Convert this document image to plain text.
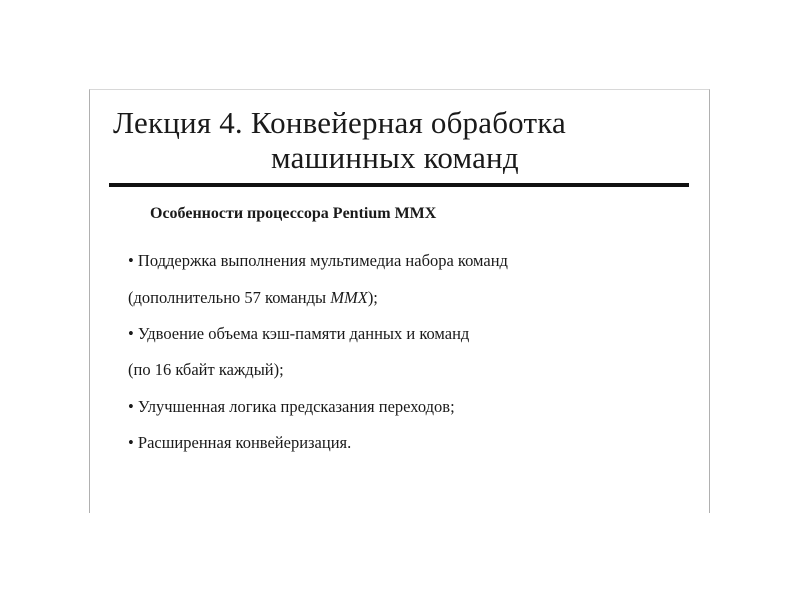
Лекция 4. Конвейерная обработка
машинных команд
Особенности процессора Pentium MMX
• Поддержка выполнения мультимедиа набора команд
(дополнительно 57 команды MMX);
• Удвоение объема кэш-памяти данных и команд
(по 16 кбайт каждый);
• Улучшенная логика предсказания переходов;
• Расширенная конвейеризация.
